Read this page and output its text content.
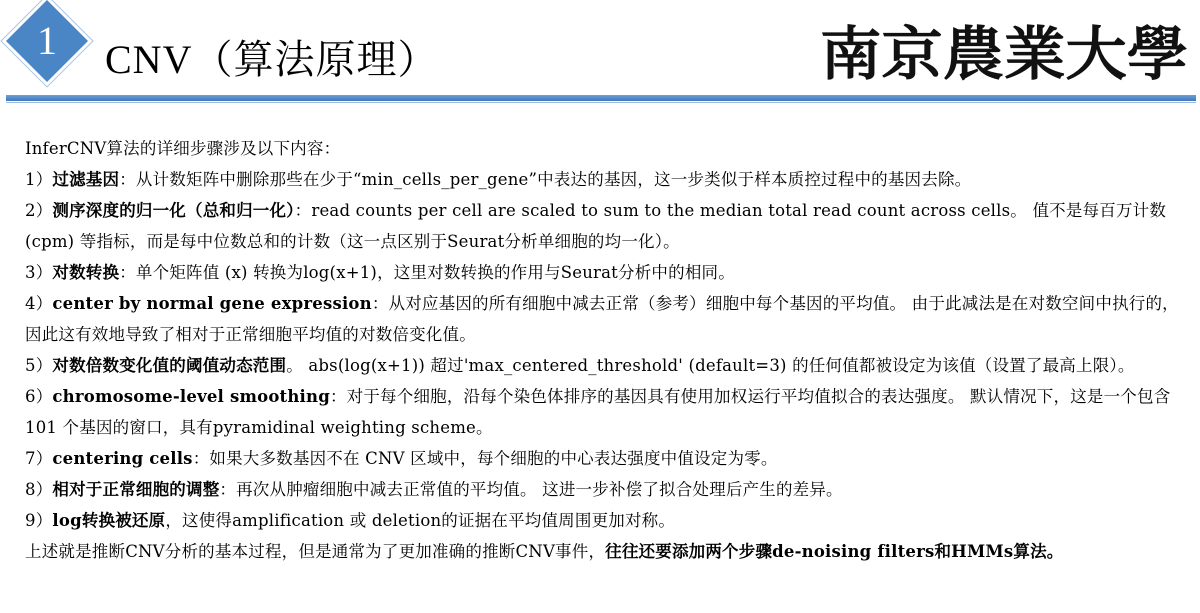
1	CNV（算法原理）	南京農業大學

InferCNV算法的详细步骤涉及以下内容：

1）过滤基因：从计数矩阵中删除那些在少于“min_cells_per_gene”中表达的基因，这一步类似于样本质控过程中的基因去除。

2）测序深度的归一化（总和归一化）：read counts per cell are scaled to sum to the median total read count across cells。 值不是每百万计数 (cpm) 等指标，而是每中位数总和的计数（这一点区别于Seurat分析单细胞的均一化）。

3）对数转换：单个矩阵值 (x) 转换为log(x+1)，这里对数转换的作用与Seurat分析中的相同。

4）center by normal gene expression：从对应基因的所有细胞中减去正常（参考）细胞中每个基因的平均值。 由于此减法是在对数空间中执行的，因此这有效地导致了相对于正常细胞平均值的对数倍变化值。

5）对数倍数变化值的阈值动态范围。 abs(log(x+1)) 超过'max_centered_threshold' (default=3) 的任何值都被设定为该值（设置了最高上限）。

6）chromosome-level smoothing：对于每个细胞，沿每个染色体排序的基因具有使用加权运行平均值拟合的表达强度。 默认情况下，这是一个包含 101 个基因的窗口，具有pyramidinal weighting scheme。

7）centering cells：如果大多数基因不在 CNV 区域中，每个细胞的中心表达强度中值设定为零。

8）相对于正常细胞的调整：再次从肿瘤细胞中减去正常值的平均值。 这进一步补偿了拟合处理后产生的差异。

9）log转换被还原，这使得amplification 或 deletion的证据在平均值周围更加对称。

上述就是推断CNV分析的基本过程，但是通常为了更加准确的推断CNV事件，往往还要添加两个步骤de-noising filters和HMMs算法。
